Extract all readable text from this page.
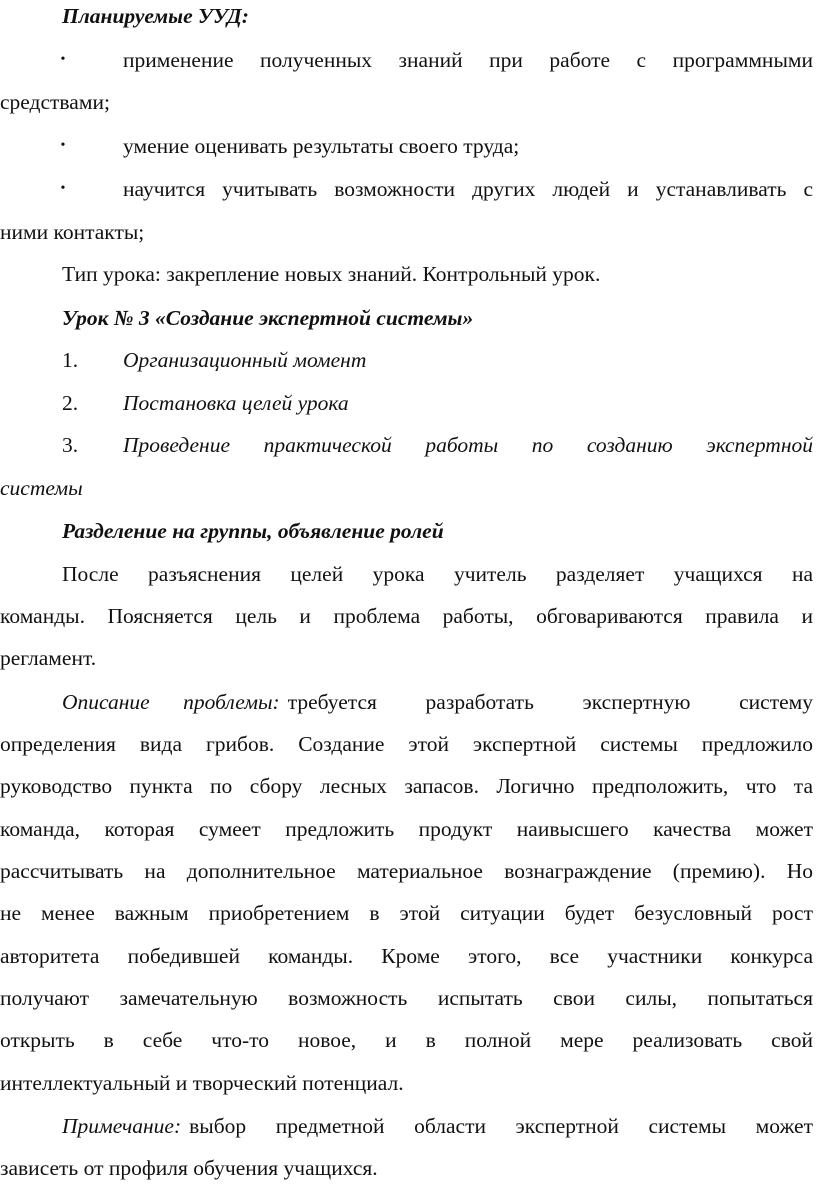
Планируемые УУД:
•	применение полученных знаний при работе с программными
средствами;
•	умение оценивать результаты своего труда;
•	научится учитывать возможности других людей и устанавливать с
ними контакты;
Тип урока: закрепление новых знаний. Контрольный урок.
Урок № 3 «Создание экспертной системы»
1. Организационный момент
2. Постановка целей урока
3. Проведение практической работы по созданию экспертной
системы
Разделение на группы, объявление ролей
После разъяснения целей урока учитель разделяет учащихся на
команды. Поясняется цель и проблема работы, обговариваются правила и
регламент.
Описание проблемы: требуется разработать экспертную систему
определения вида грибов. Создание этой экспертной системы предложило
руководство пункта по сбору лесных запасов. Логично предположить, что та
команда, которая сумеет предложить продукт наивысшего качества может
рассчитывать на дополнительное материальное вознаграждение (премию). Но
не менее важным приобретением в этой ситуации будет безусловный рост
авторитета победившей команды. Кроме этого, все участники конкурса
получают замечательную возможность испытать свои силы, попытаться
открыть в себе что-то новое, и в полной мере реализовать свой
интеллектуальный и творческий потенциал.
Примечание: выбор предметной области экспертной системы может
зависеть от профиля обучения учащихся.
